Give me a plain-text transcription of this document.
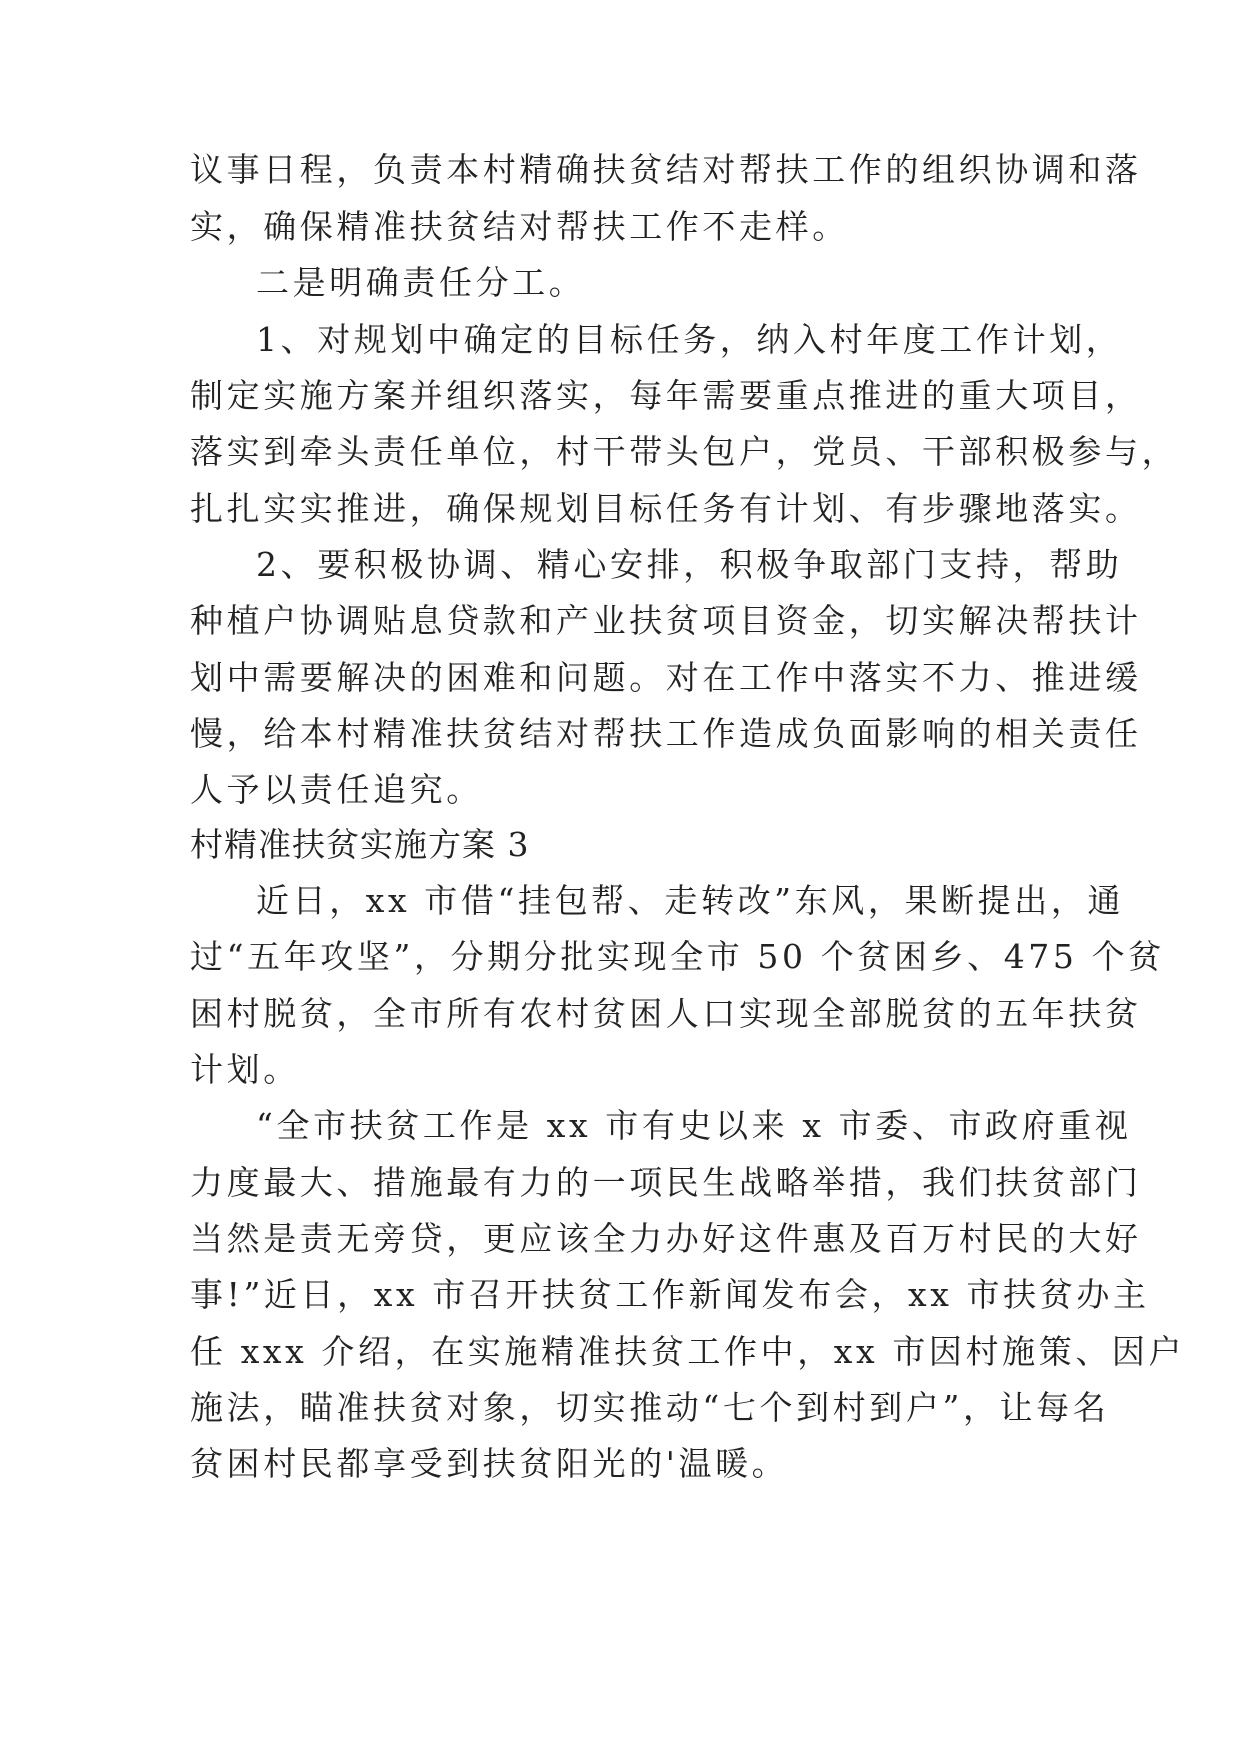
议事日程，负责本村精确扶贫结对帮扶工作的组织协调和落
实，确保精准扶贫结对帮扶工作不走样。
二是明确责任分工。
1、对规划中确定的目标任务，纳入村年度工作计划，
制定实施方案并组织落实，每年需要重点推进的重大项目，
落实到牵头责任单位，村干带头包户，党员、干部积极参与，
扎扎实实推进，确保规划目标任务有计划、有步骤地落实。
2、要积极协调、精心安排，积极争取部门支持，帮助
种植户协调贴息贷款和产业扶贫项目资金，切实解决帮扶计
划中需要解决的困难和问题。对在工作中落实不力、推进缓
慢，给本村精准扶贫结对帮扶工作造成负面影响的相关责任
人予以责任追究。
村精准扶贫实施方案 3
近日，xx 市借“挂包帮、走转改”东风，果断提出，通
过“五年攻坚”，分期分批实现全市 50 个贫困乡、475 个贫
困村脱贫，全市所有农村贫困人口实现全部脱贫的五年扶贫
计划。
“全市扶贫工作是 xx 市有史以来 x 市委、市政府重视
力度最大、措施最有力的一项民生战略举措，我们扶贫部门
当然是责无旁贷，更应该全力办好这件惠及百万村民的大好
事!”近日，xx 市召开扶贫工作新闻发布会，xx 市扶贫办主
任 xxx 介绍，在实施精准扶贫工作中，xx 市因村施策、因户
施法，瞄准扶贫对象，切实推动“七个到村到户”，让每名
贫困村民都享受到扶贫阳光的'温暖。
